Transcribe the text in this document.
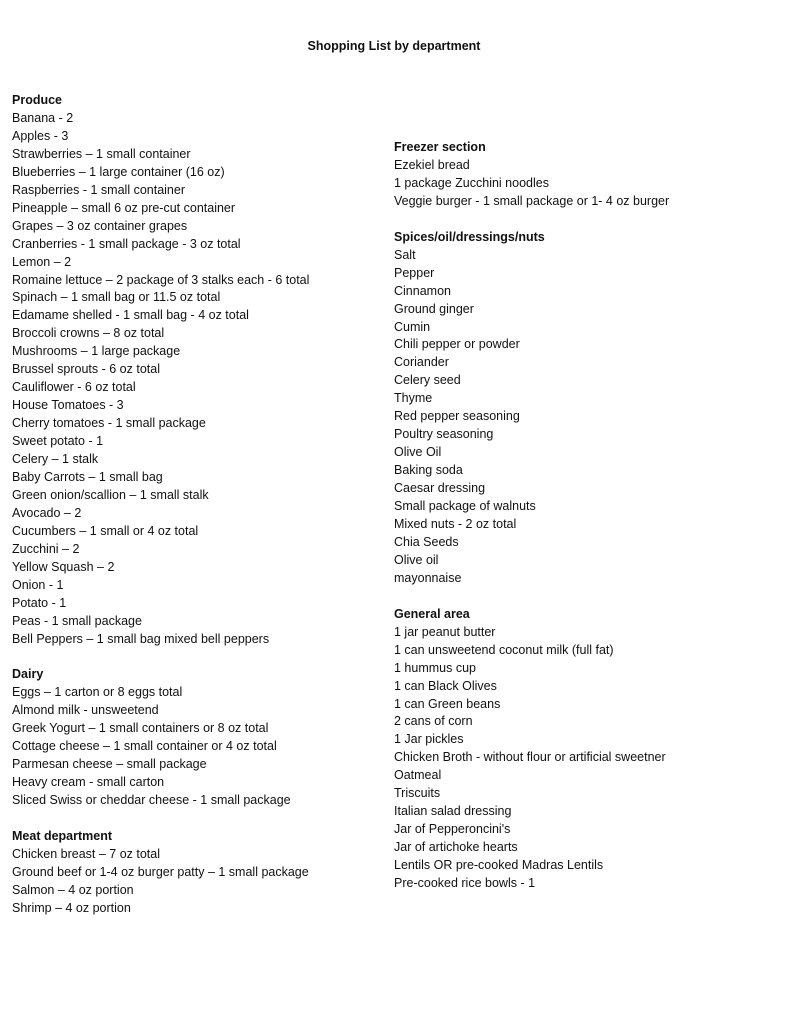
Shopping List by department
Produce
Banana - 2
Apples - 3
Strawberries – 1 small container
Blueberries – 1 large container (16 oz)
Raspberries - 1 small container
Pineapple – small 6 oz pre-cut container
Grapes – 3 oz container grapes
Cranberries - 1 small package - 3 oz total
Lemon – 2
Romaine lettuce – 2 package of 3 stalks each - 6 total
Spinach – 1 small bag or 11.5 oz total
Edamame shelled - 1 small bag - 4 oz total
Broccoli crowns – 8 oz total
Mushrooms – 1 large package
Brussel sprouts - 6 oz total
Cauliflower - 6 oz total
House Tomatoes - 3
Cherry tomatoes - 1 small package
Sweet potato - 1
Celery – 1 stalk
Baby Carrots – 1 small bag
Green onion/scallion – 1 small stalk
Avocado – 2
Cucumbers – 1 small or 4 oz total
Zucchini – 2
Yellow Squash – 2
Onion - 1
Potato - 1
Peas - 1 small package
Bell Peppers – 1 small bag mixed bell peppers
Dairy
Eggs – 1 carton or 8 eggs total
Almond milk - unsweetend
Greek Yogurt – 1 small containers or 8 oz total
Cottage cheese – 1 small container or 4 oz total
Parmesan cheese – small package
Heavy cream - small carton
Sliced Swiss or cheddar cheese - 1 small package
Meat department
Chicken breast – 7 oz total
Ground beef or 1-4 oz burger patty – 1 small package
Salmon – 4 oz portion
Shrimp – 4 oz portion
Freezer section
Ezekiel bread
1 package Zucchini noodles
Veggie burger - 1 small package or 1- 4 oz burger
Spices/oil/dressings/nuts
Salt
Pepper
Cinnamon
Ground ginger
Cumin
Chili pepper or powder
Coriander
Celery seed
Thyme
Red pepper seasoning
Poultry seasoning
Olive Oil
Baking soda
Caesar dressing
Small package of walnuts
Mixed nuts - 2 oz total
Chia Seeds
Olive oil
mayonnaise
General area
1 jar peanut butter
1 can unsweetend coconut milk (full fat)
1 hummus cup
1 can Black Olives
1 can Green beans
2 cans of corn
1 Jar pickles
Chicken Broth - without flour or artificial sweetner
Oatmeal
Triscuits
Italian salad dressing
Jar of Pepperoncini's
Jar of artichoke hearts
Lentils OR pre-cooked Madras Lentils
Pre-cooked rice bowls - 1
